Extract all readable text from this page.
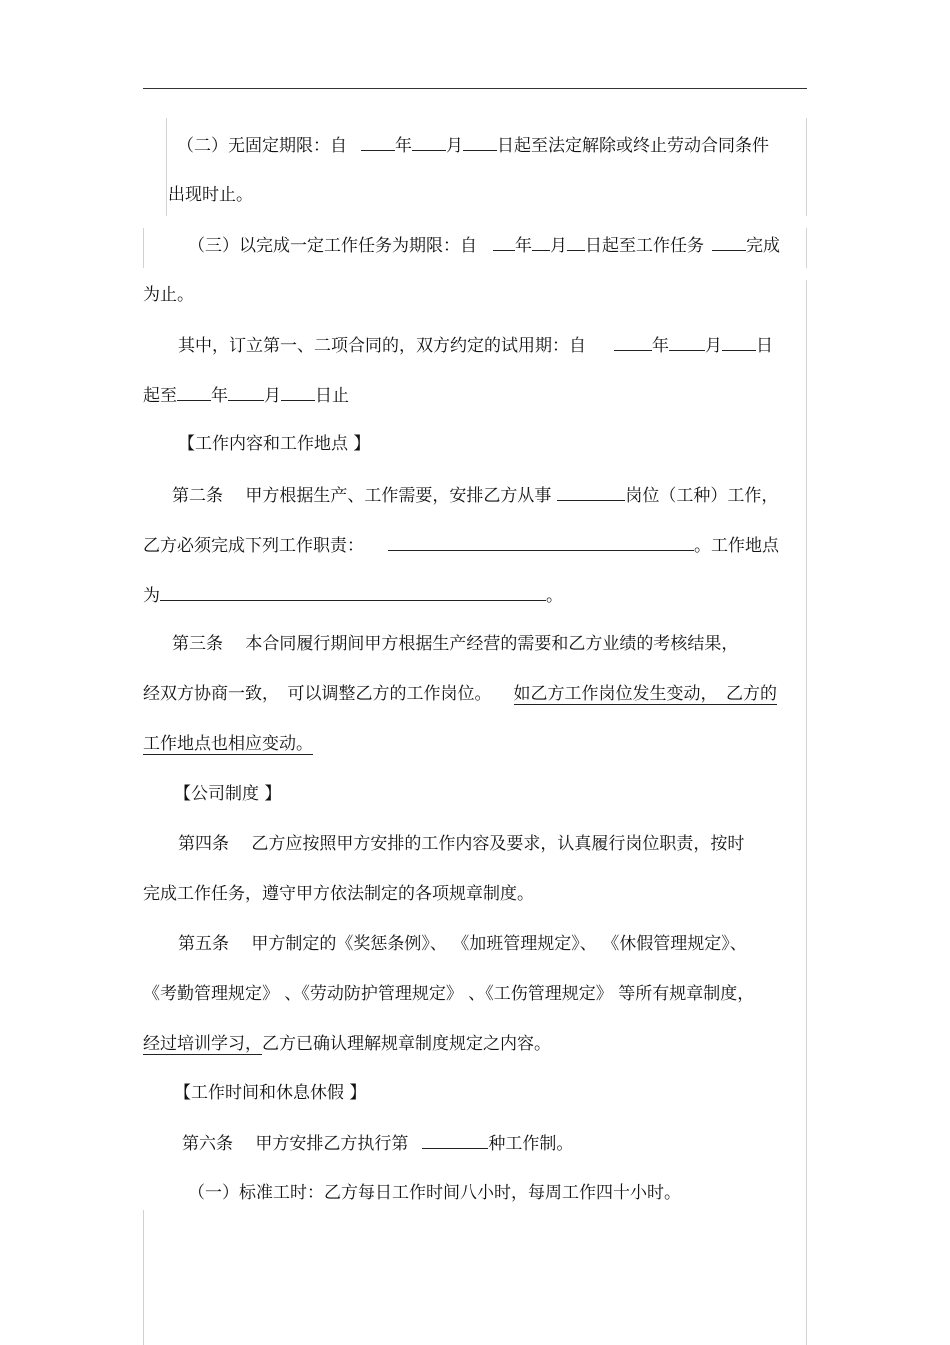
（二）无固定期限：自	年 月 日起至法定解除或终止劳动合同条件
出现时止。
（三）以完成一定工作任务为期限：自 年 月 日起至工作任务 完成
为止。
其中，订立第一、二项合同的，双方约定的试用期：自	年 月 日
起至 年 月 日止
【工作内容和工作地点 】
第二条　 甲方根据生产、工作需要，安排乙方从事	岗位（工种）工作，
乙方必须完成下列工作职责：	。工作地点
为	。
第三条　 本合同履行期间甲方根据生产经营的需要和乙方业绩的考核结果，
经双方协商一致，　可以调整乙方的工作岗位。 如乙方工作岗位发生变动，　乙方的
工作地点也相应变动。
【公司制度 】
第四条　 乙方应按照甲方安排的工作内容及要求，认真履行岗位职责，按时
完成工作任务，遵守甲方依法制定的各项规章制度。
第五条　 甲方制定的《奖惩条例》、 《加班管理规定》、 《休假管理规定》、
《考勤管理规定》 、《劳动防护管理规定》 、《工伤管理规定》 等所有规章制度，
经过培训学习，乙方已确认理解规章制度规定之内容。
【工作时间和休息休假 】
第六条　 甲方安排乙方执行第	种工作制。
（一）标准工时：乙方每日工作时间八小时，每周工作四十小时。
